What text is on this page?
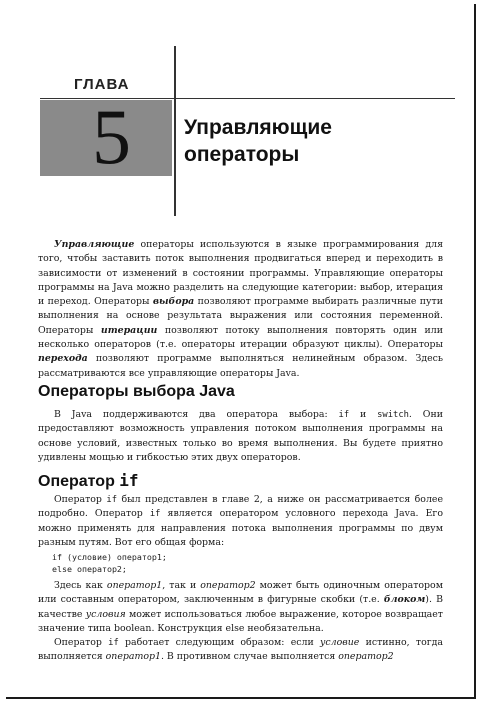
ГЛАВА
5	Управляющие
операторы

Управляющие операторы используются в языке программирования для того, чтобы заставить поток выполнения продвигаться вперед и переходить в зависимости от изменений в состоянии программы. Управляющие операторы программы на Java можно разделить на следующие категории: выбор, итерация и переход. Операторы выбора позволяют программе выбирать различные пути выполнения на основе результата выражения или состояния переменной. Операторы итерации позволяют потоку выполнения повторять один или несколько операторов (т.е. операторы итерации образуют циклы). Операторы перехода позволяют программе выполняться нелинейным образом. Здесь рассматриваются все управляющие операторы Java.

Операторы выбора Java

В Java поддерживаются два оператора выбора: if и switch. Они предоставляют возможность управления потоком выполнения программы на основе условий, известных только во время выполнения. Вы будете приятно удивлены мощью и гибкостью этих двух операторов.

Оператор if

Оператор if был представлен в главе 2, а ниже он рассматривается более подробно. Оператор if является оператором условного перехода Java. Его можно применять для направления потока выполнения программы по двум разным путям. Вот его общая форма:

if (условие) оператор1;
else оператор2;

Здесь как оператор1, так и оператор2 может быть одиночным оператором или составным оператором, заключенным в фигурные скобки (т.е. блоком). В качестве условия может использоваться любое выражение, которое возвращает значение типа boolean. Конструкция else необязательна.

Оператор if работает следующим образом: если условие истинно, тогда выполняется оператор1. В противном случае выполняется оператор2
